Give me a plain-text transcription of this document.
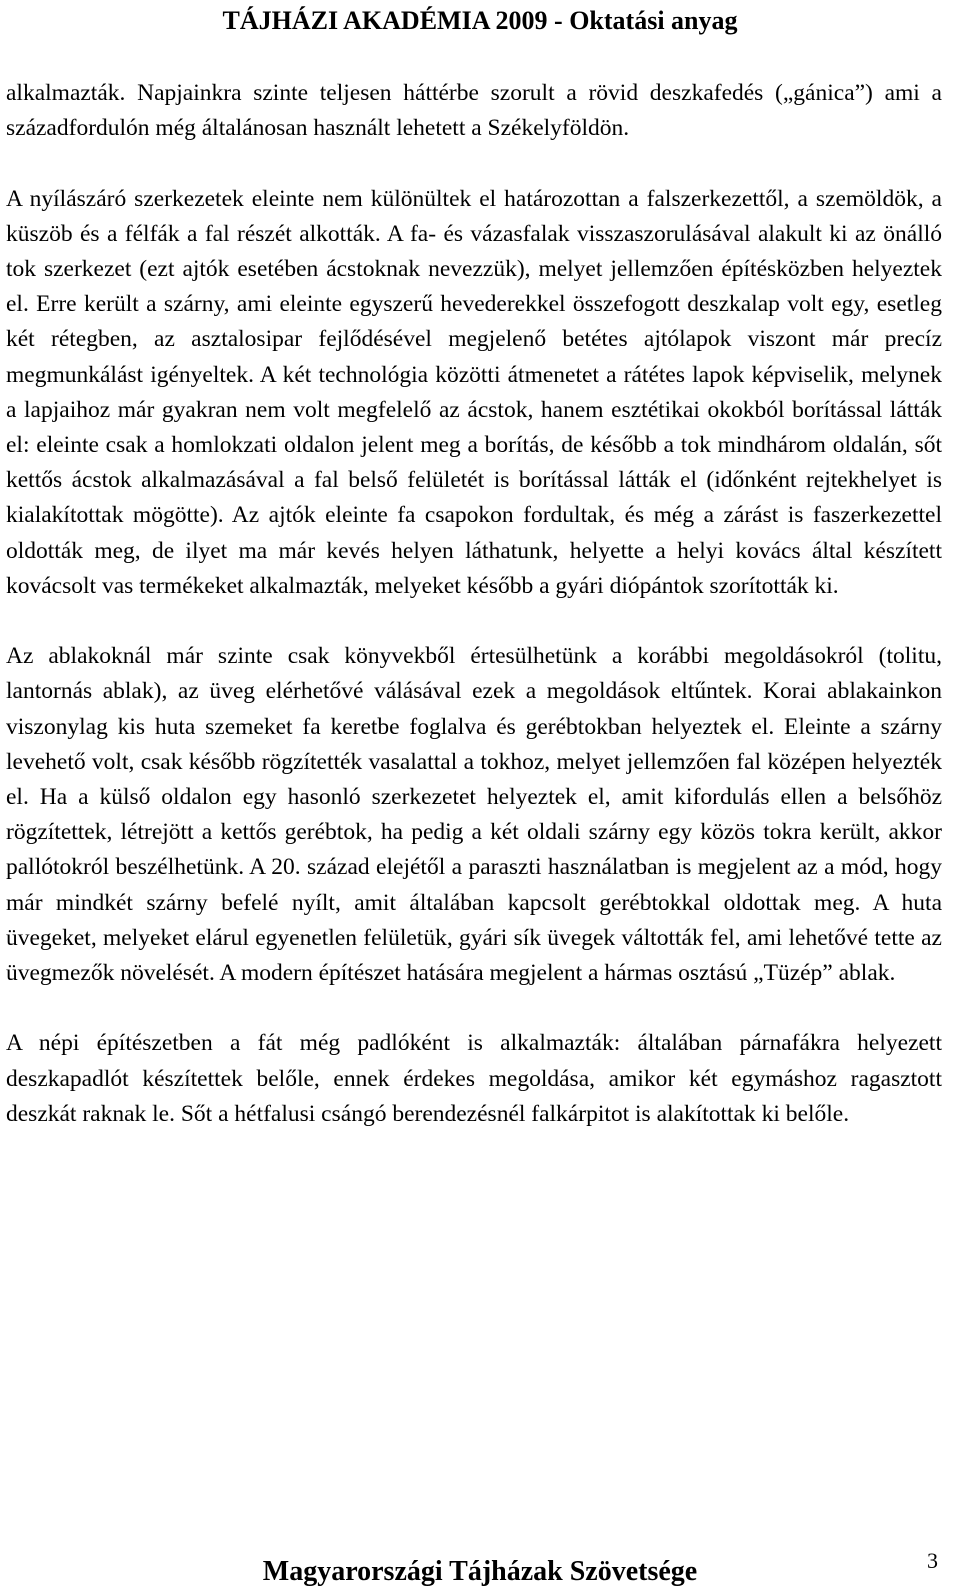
TÁJHÁZI AKADÉMIA 2009 - Oktatási anyag

alkalmazták. Napjainkra szinte teljesen háttérbe szorult a rövid deszkafedés („gánica”) ami a századfordulón még általánosan használt lehetett a Székelyföldön.

A nyílászáró szerkezetek eleinte nem különültek el határozottan a falszerkezettől, a szemöldök, a küszöb és a félfák a fal részét alkották. A fa- és vázasfalak visszaszorulásával alakult ki az önálló tok szerkezet (ezt ajtók esetében ácstoknak nevezzük), melyet jellemzően építésközben helyeztek el. Erre került a szárny, ami eleinte egyszerű hevederekkel összefogott deszkalap volt egy, esetleg két rétegben, az asztalosipar fejlődésével megjelenő betétes ajtólapok viszont már precíz megmunkálást igényeltek. A két technológia közötti átmenetet a rátétes lapok képviselik, melynek a lapjaihoz már gyakran nem volt megfelelő az ácstok, hanem esztétikai okokból borítással látták el: eleinte csak a homlokzati oldalon jelent meg a borítás, de később a tok mindhárom oldalán, sőt kettős ácstok alkalmazásával a fal belső felületét is borítással látták el (időnként rejtekhelyet is kialakítottak mögötte). Az ajtók eleinte fa csapokon fordultak, és még a zárást is faszerkezettel oldották meg, de ilyet ma már kevés helyen láthatunk, helyette a helyi kovács által készített kovácsolt vas termékeket alkalmazták, melyeket később a gyári diópántok szorították ki.

Az ablakoknál már szinte csak könyvekből értesülhetünk a korábbi megoldásokról (tolitu, lantornás ablak), az üveg elérhetővé válásával ezek a megoldások eltűntek. Korai ablakainkon viszonylag kis huta szemeket fa keretbe foglalva és gerébtokban helyeztek el. Eleinte a szárny levehető volt, csak később rögzítették vasalattal a tokhoz, melyet jellemzően fal középen helyezték el. Ha a külső oldalon egy hasonló szerkezetet helyeztek el, amit kifordulás ellen a belsőhöz rögzítettek, létrejött a kettős gerébtok, ha pedig a két oldali szárny egy közös tokra került, akkor pallótokról beszélhetünk. A 20. század elejétől a paraszti használatban is megjelent az a mód, hogy már mindkét szárny befelé nyílt, amit általában kapcsolt gerébtokkal oldottak meg. A huta üvegeket, melyeket elárul egyenetlen felületük, gyári sík üvegek váltották fel, ami lehetővé tette az üvegmezők növelését. A modern építészet hatására megjelent a hármas osztású „Tüzép” ablak.

A népi építészetben a fát még padlóként is alkalmazták: általában párnafákra helyezett deszkapadlót készítettek belőle, ennek érdekes megoldása, amikor két egymáshoz ragasztott deszkát raknak le. Sőt a hétfalusi csángó berendezésnél falkárpitot is alakítottak ki belőle.

Magyarországi Tájházak Szövetsége	3
